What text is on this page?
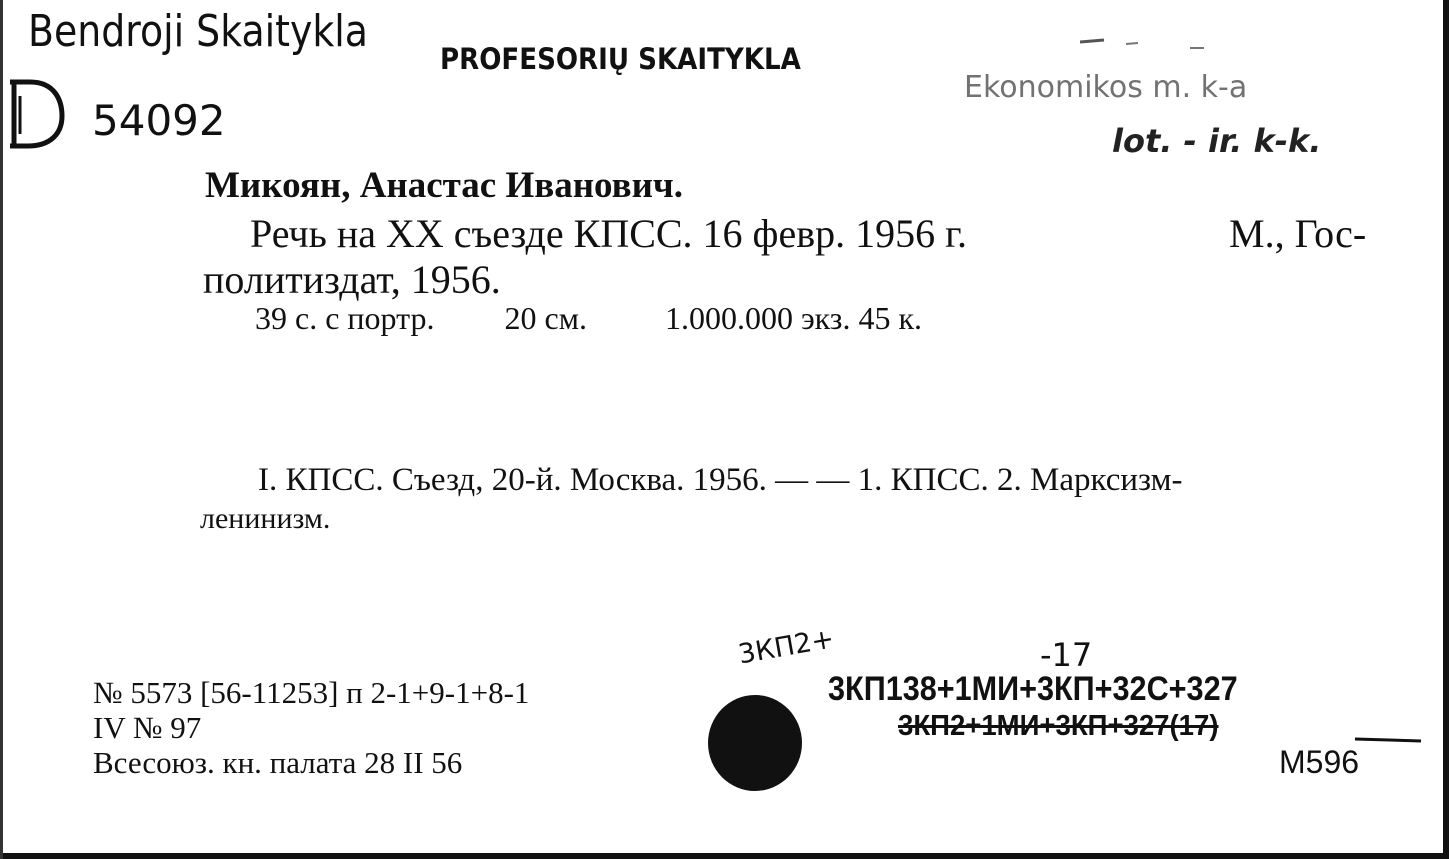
Bendroji Skaitykla
PROFESORIŲ SKAITYKLA
54092
Ekonomikos m. k-a
lot. - ir. k-k.
Микоян, Анастас Иванович.
Речь на XX съезде КПСС. 16 февр. 1956 г.	М., Гос-
политиздат, 1956.
39 с. с портр. 20 см. 1.000.000 экз. 45 к.
I. КПСС. Съезд, 20-й. Москва. 1956. — — 1. КПСС. 2. Марксизм-
ленинизм.
№ 5573 [56-11253] п 2-1+9-1+8-1
IV № 97
Всесоюз. кн. палата 28 II 56
3КП2+	-17
3КП138+1МИ+3КП+32С+327
3КП2+1МИ+3КП+327(17)
М596
